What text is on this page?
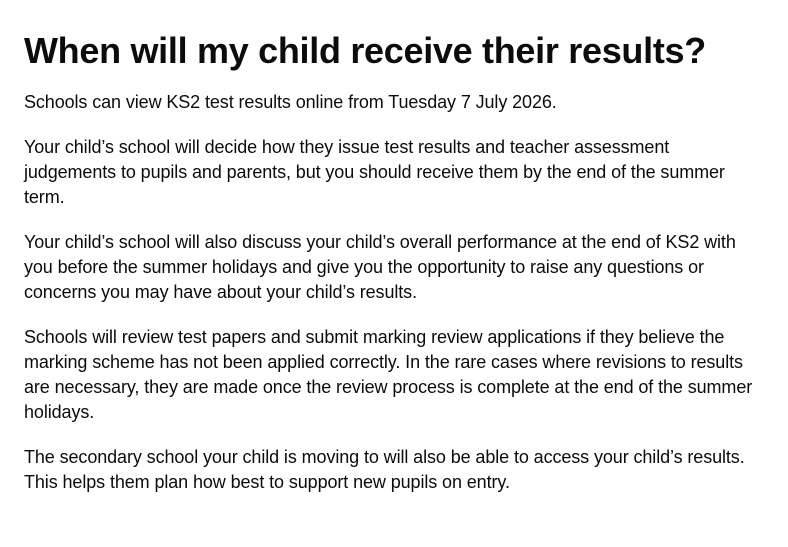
When will my child receive their results?

Schools can view KS2 test results online from Tuesday 7 July 2026.

Your child’s school will decide how they issue test results and teacher assessment judgements to pupils and parents, but you should receive them by the end of the summer term.

Your child’s school will also discuss your child’s overall performance at the end of KS2 with you before the summer holidays and give you the opportunity to raise any questions or concerns you may have about your child’s results.

Schools will review test papers and submit marking review applications if they believe the marking scheme has not been applied correctly. In the rare cases where revisions to results are necessary, they are made once the review process is complete at the end of the summer holidays.

The secondary school your child is moving to will also be able to access your child’s results. This helps them plan how best to support new pupils on entry.
